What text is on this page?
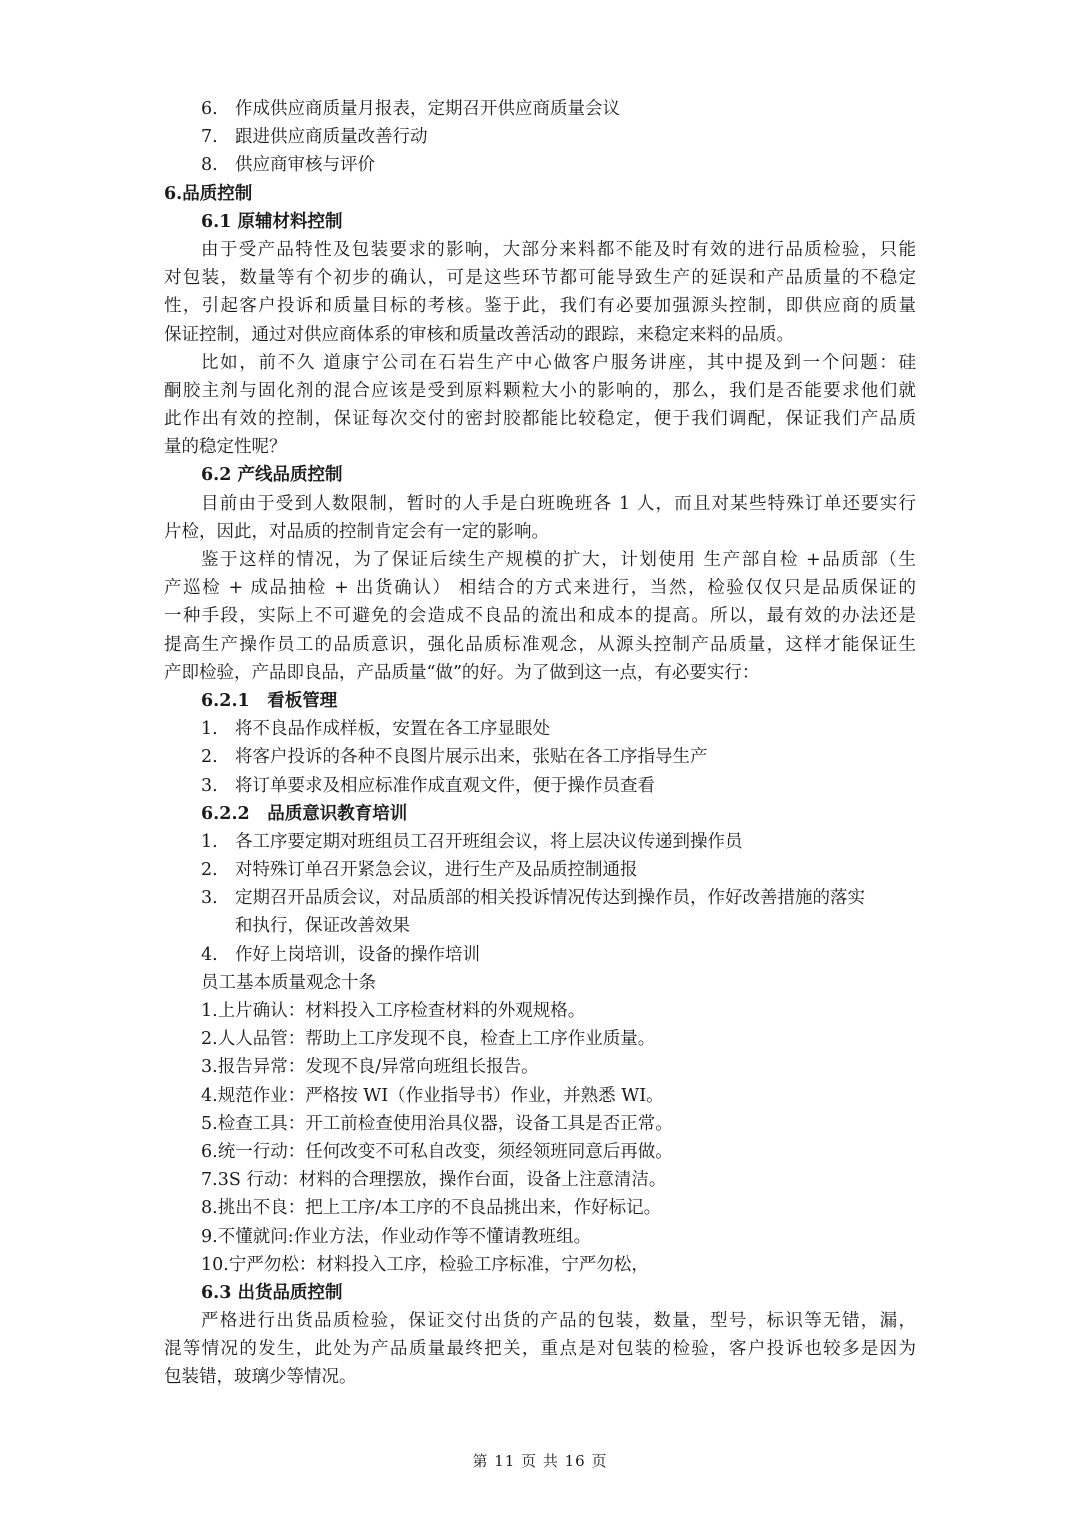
6. 作成供应商质量月报表，定期召开供应商质量会议
7. 跟进供应商质量改善行动
8. 供应商审核与评价
6.品质控制
6.1 原辅材料控制
由于受产品特性及包装要求的影响，大部分来料都不能及时有效的进行品质检验，只能
对包装，数量等有个初步的确认，可是这些环节都可能导致生产的延误和产品质量的不稳定
性，引起客户投诉和质量目标的考核。鉴于此，我们有必要加强源头控制，即供应商的质量
保证控制，通过对供应商体系的审核和质量改善活动的跟踪，来稳定来料的品质。
比如，前不久 道康宁公司在石岩生产中心做客户服务讲座，其中提及到一个问题：硅
酮胶主剂与固化剂的混合应该是受到原料颗粒大小的影响的，那么，我们是否能要求他们就
此作出有效的控制，保证每次交付的密封胶都能比较稳定，便于我们调配，保证我们产品质
量的稳定性呢？
6.2 产线品质控制
目前由于受到人数限制，暂时的人手是白班晚班各 1 人，而且对某些特殊订单还要实行
片检，因此，对品质的控制肯定会有一定的影响。
鉴于这样的情况，为了保证后续生产规模的扩大，计划使用 生产部自检 +品质部（生
产巡检 + 成品抽检 + 出货确认） 相结合的方式来进行，当然，检验仅仅只是品质保证的
一种手段，实际上不可避免的会造成不良品的流出和成本的提高。所以，最有效的办法还是
提高生产操作员工的品质意识，强化品质标准观念，从源头控制产品质量，这样才能保证生
产即检验，产品即良品，产品质量“做”的好。为了做到这一点，有必要实行：
6.2.1　看板管理
1. 将不良品作成样板，安置在各工序显眼处
2. 将客户投诉的各种不良图片展示出来，张贴在各工序指导生产
3. 将订单要求及相应标准作成直观文件，便于操作员查看
6.2.2　品质意识教育培训
1. 各工序要定期对班组员工召开班组会议，将上层决议传递到操作员
2. 对特殊订单召开紧急会议，进行生产及品质控制通报
3. 定期召开品质会议，对品质部的相关投诉情况传达到操作员，作好改善措施的落实
和执行，保证改善效果
4. 作好上岗培训，设备的操作培训
员工基本质量观念十条
1.上片确认：材料投入工序检查材料的外观规格。
2.人人品管：帮助上工序发现不良，检查上工序作业质量。
3.报告异常：发现不良/异常向班组长报告。
4.规范作业：严格按 WI（作业指导书）作业，并熟悉 WI。
5.检查工具：开工前检查使用治具仪器，设备工具是否正常。
6.统一行动：任何改变不可私自改变，须经领班同意后再做。
7.3S 行动：材料的合理摆放，操作台面，设备上注意清洁。
8.挑出不良：把上工序/本工序的不良品挑出来，作好标记。
9.不懂就问:作业方法，作业动作等不懂请教班组。
10.宁严勿松：材料投入工序，检验工序标准，宁严勿松，
6.3 出货品质控制
严格进行出货品质检验，保证交付出货的产品的包装，数量，型号，标识等无错，漏，
混等情况的发生，此处为产品质量最终把关，重点是对包装的检验，客户投诉也较多是因为
包装错，玻璃少等情况。
第 11 页 共 16 页
